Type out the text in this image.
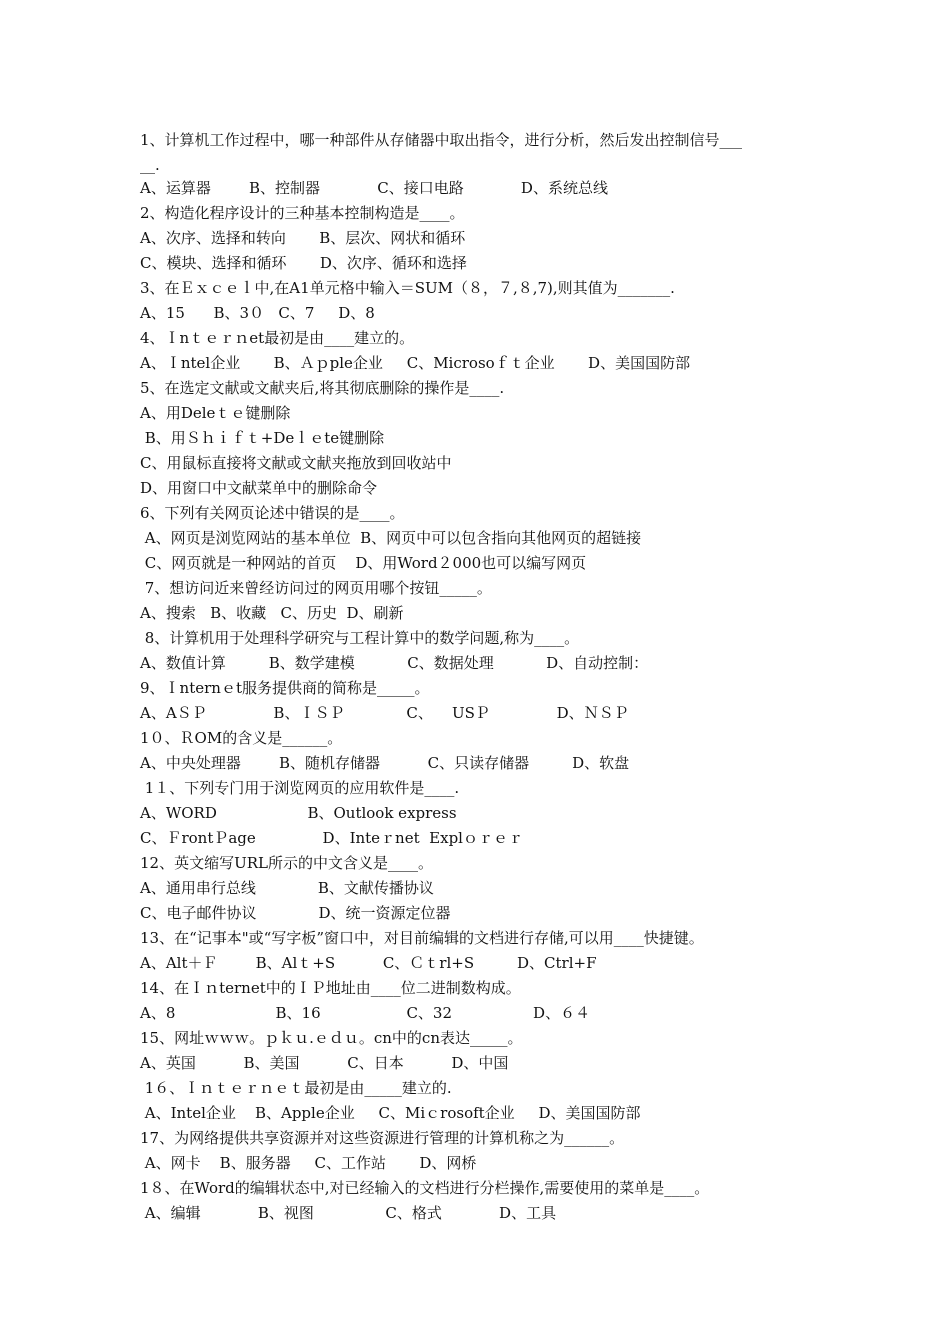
1、计算机工作过程中，哪一种部件从存储器中取出指令，进行分析，然后发出控制信号___
__.
A、运算器        B、控制器            C、接口电路            D、系统总线
2、构造化程序设计的三种基本控制构造是____。
A、次序、选择和转向       B、层次、网状和循环
C、模块、选择和循环       D、次序、循环和选择
3、在Ｅｘｃｅｌ中,在A1单元格中输入＝SUM（８，７,８,7),则其值为_______.
A、15      B、3０   C、7     D、8
4、Ｉnｔｅｒｎet最初是由____建立的。
A、Ｉntel企业       B、Ａｐple企业     C、Microsoｆｔ企业       D、美国国防部
5、在选定文献或文献夹后,将其彻底删除的操作是____.
A、用Deleｔｅ键删除
B、用Ｓｈｉｆｔ+Deｌｅte键删除
C、用鼠标直接将文献或文献夹拖放到回收站中
D、用窗口中文献菜单中的删除命令
6、下列有关网页论述中错误的是____。
A、网页是浏览网站的基本单位  B、网页中可以包含指向其他网页的超链接
C、网页就是一种网站的首页    D、用Word２000也可以编写网页
7、想访问近来曾经访问过的网页用哪个按钮_____。
A、搜索   B、收藏   C、历史  D、刷新
8、计算机用于处理科学研究与工程计算中的数学问题,称为____。
A、数值计算         B、数学建模           C、数据处理           D、自动控制：
9、Ｉnternｅt服务提供商的简称是_____。
A、AＳＰ              B、ＩＳＰ             C、    USＰ              D、ＮＳＰ
1０、ＲOM的含义是______。
A、中央处理器        B、随机存储器          C、只读存储器         D、软盘
1１、下列专门用于浏览网页的应用软件是____.
A、WORD                   B、Outlook express
C、ＦrontＰage              D、Inteｒnet  Explｏｒｅｒ
12、英文缩写URL所示的中文含义是____。
A、通用串行总线             B、文献传播协议
C、电子邮件协议             D、统一资源定位器
13、在“记事本"或“写字板”窗口中，对目前编辑的文档进行存储,可以用____快捷键。
A、Alt＋Ｆ        B、Alｔ+S          C、Ｃｔrl+S         D、Ctrl+F
14、在Ｉｎternet中的ＩＰ地址由____位二进制数构成。
A、8                     B、16                  C、32                 D、６４
15、网址ｗｗｗ。ｐｋｕ.ｅｄｕ。cn中的cn表达_____。
A、英国          B、美国          C、日本          D、中国
1６、Ｉｎｔｅｒｎｅｔ最初是由_____建立的.
A、Intel企业    B、Apple企业     C、Miｃrosoft企业     D、美国国防部
17、为网络提供共享资源并对这些资源进行管理的计算机称之为______。
A、网卡    B、服务器     C、工作站       D、网桥
1８、在Word的编辑状态中,对已经输入的文档进行分栏操作,需要使用的菜单是____。
A、编辑            B、视图               C、格式            D、工具
